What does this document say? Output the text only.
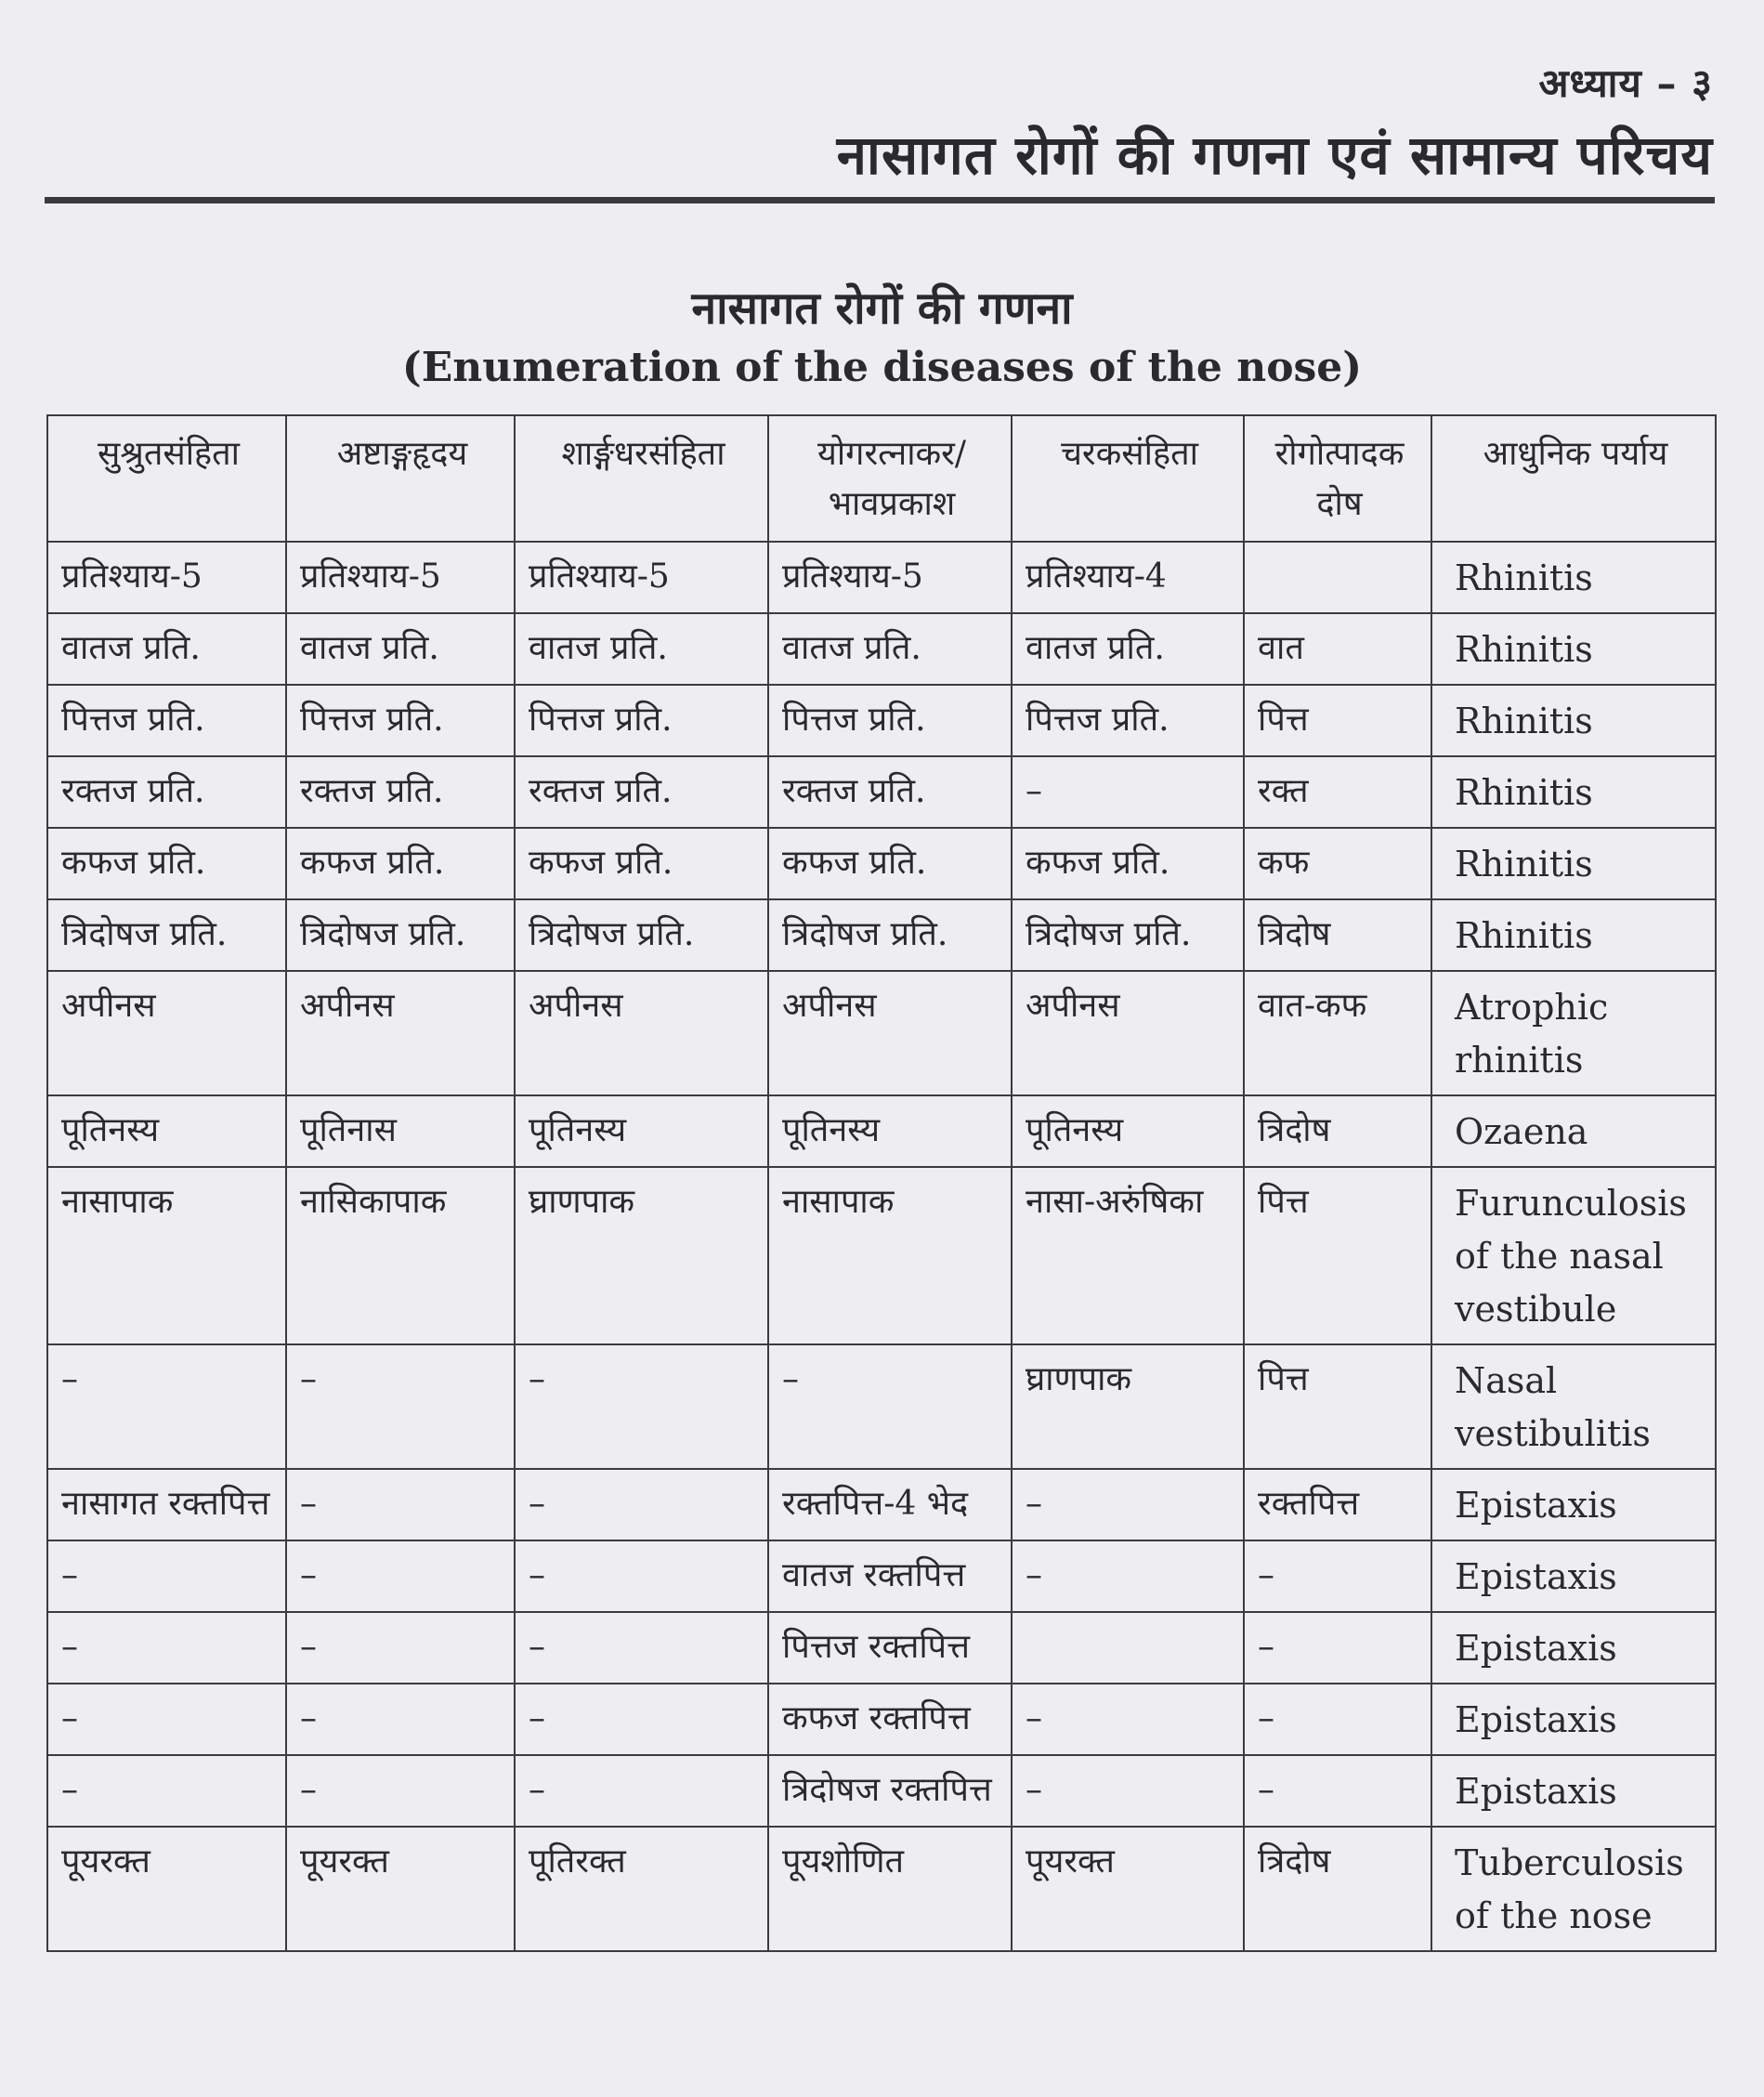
अध्याय – ३
नासागत रोगों की गणना एवं सामान्य परिचय
नासागत रोगों की गणना
(Enumeration of the diseases of the nose)
सुश्रुतसंहिता	अष्टाङ्गहृदय	शार्ङ्गधरसंहिता	योगरत्नाकर/ भावप्रकाश	चरकसंहिता	रोगोत्पादक दोष	आधुनिक पर्याय
प्रतिश्याय-5	प्रतिश्याय-5	प्रतिश्याय-5	प्रतिश्याय-5	प्रतिश्याय-4		Rhinitis
वातज प्रति.	वातज प्रति.	वातज प्रति.	वातज प्रति.	वातज प्रति.	वात	Rhinitis
पित्तज प्रति.	पित्तज प्रति.	पित्तज प्रति.	पित्तज प्रति.	पित्तज प्रति.	पित्त	Rhinitis
रक्तज प्रति.	रक्तज प्रति.	रक्तज प्रति.	रक्तज प्रति.	–	रक्त	Rhinitis
कफज प्रति.	कफज प्रति.	कफज प्रति.	कफज प्रति.	कफज प्रति.	कफ	Rhinitis
त्रिदोषज प्रति.	त्रिदोषज प्रति.	त्रिदोषज प्रति.	त्रिदोषज प्रति.	त्रिदोषज प्रति.	त्रिदोष	Rhinitis
अपीनस	अपीनस	अपीनस	अपीनस	अपीनस	वात-कफ	Atrophic rhinitis
पूतिनस्य	पूतिनास	पूतिनस्य	पूतिनस्य	पूतिनस्य	त्रिदोष	Ozaena
नासापाक	नासिकापाक	घ्राणपाक	नासापाक	नासा-अरुंषिका	पित्त	Furunculosis of the nasal vestibule
–	–	–	–	घ्राणपाक	पित्त	Nasal vestibulitis
नासागत रक्तपित्त	–	–	रक्तपित्त-4 भेद	–	रक्तपित्त	Epistaxis
–	–	–	वातज रक्तपित्त	–	–	Epistaxis
–	–	–	पित्तज रक्तपित्त		–	Epistaxis
–	–	–	कफज रक्तपित्त	–	–	Epistaxis
–	–	–	त्रिदोषज रक्तपित्त	–	–	Epistaxis
पूयरक्त	पूयरक्त	पूतिरक्त	पूयशोणित	पूयरक्त	त्रिदोष	Tuberculosis of the nose
